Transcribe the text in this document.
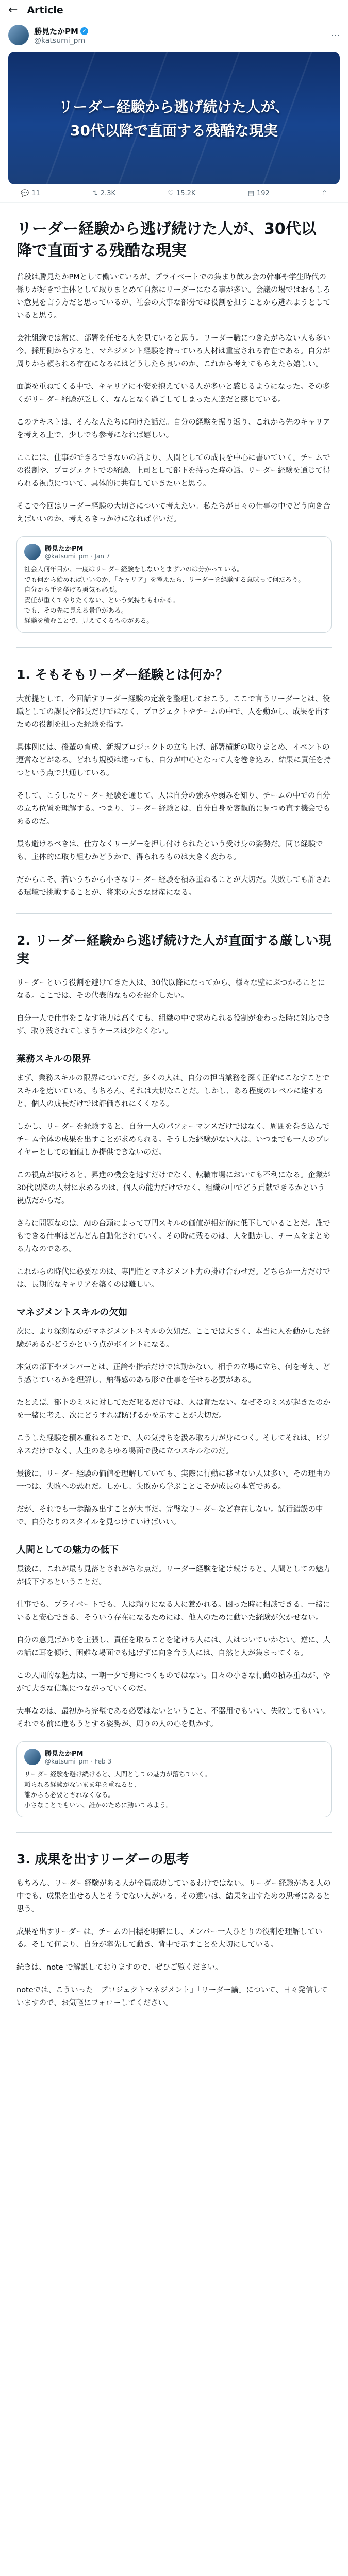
← Article
勝見たかPM ✓
@katsumi_pm	⋯
リーダー経験から逃げ続けた人が、
30代以降で直面する残酷な現実
💬 11	⇅ 2.3K	♡ 15.2K	▤ 192	⇧
リーダー経験から逃げ続けた人が、30代以降で直面する残酷な現実

普段は勝見たかPMとして働いているが、プライベートでの集まり飲み会の幹事や学生時代の係りが好きで主体として取りまとめて自然にリーダーになる事が多い。会議の場ではおもしろい意見を言う方だと思っているが、社会の大事な部分では役割を担うことから逃れようとしていると思う。

会社組織では常に、部署を任せる人を見ていると思う。リーダー職につきたがらない人も多い今、採用側からすると、マネジメント経験を持っている人材は重宝される存在である。自分が周りから頼られる存在になるにはどうしたら良いのか、これから考えてもらえたら嬉しい。

面談を重ねてくる中で、キャリアに不安を抱えている人が多いと感じるようになった。その多くがリーダー経験が乏しく、なんとなく過ごしてしまった人達だと感じている。

このテキストは、そんな人たちに向けた話だ。自分の経験を振り返り、これから先のキャリアを考える上で、少しでも参考になれば嬉しい。

ここには、仕事ができるできないの話より、人間としての成長を中心に書いていく。チームでの役割や、プロジェクトでの経験、上司として部下を持った時の話。リーダー経験を通じて得られる視点について、具体的に共有していきたいと思う。

そこで今回はリーダー経験の大切さについて考えたい。私たちが日々の仕事の中でどう向き合えばいいのか、考えるきっかけになれば幸いだ。

勝見たかPM
@katsumi_pm · Jan 7
社会人何年目か、一度はリーダー経験をしないとまずいのは分かっている。
でも何から始めればいいのか、「キャリア」を考えたら、リーダーを経験する意味って何だろう。
自分から手を挙げる勇気も必要。
責任が重くてやりたくない、という気持ちもわかる。
でも、その先に見える景色がある。
経験を積むことで、見えてくるものがある。
1. そもそもリーダー経験とは何か？

大前提として、今回話すリーダー経験の定義を整理しておこう。ここで言うリーダーとは、役職としての課長や部長だけではなく、プロジェクトやチームの中で、人を動かし、成果を出すための役割を担った経験を指す。

具体例には、後輩の育成、新規プロジェクトの立ち上げ、部署横断の取りまとめ、イベントの運営などがある。どれも規模は違っても、自分が中心となって人を巻き込み、結果に責任を持つという点で共通している。

そして、こうしたリーダー経験を通じて、人は自分の強みや弱みを知り、チームの中での自分の立ち位置を理解する。つまり、リーダー経験とは、自分自身を客観的に見つめ直す機会でもあるのだ。

最も避けるべきは、仕方なくリーダーを押し付けられたという受け身の姿勢だ。同じ経験でも、主体的に取り組むかどうかで、得られるものは大きく変わる。

だからこそ、若いうちから小さなリーダー経験を積み重ねることが大切だ。失敗しても許される環境で挑戦することが、将来の大きな財産になる。

2. リーダー経験から逃げ続けた人が直面する厳しい現実

リーダーという役割を避けてきた人は、30代以降になってから、様々な壁にぶつかることになる。ここでは、その代表的なものを紹介したい。

自分一人で仕事をこなす能力は高くても、組織の中で求められる役割が変わった時に対応できず、取り残されてしまうケースは少なくない。

業務スキルの限界

まず、業務スキルの限界についてだ。多くの人は、自分の担当業務を深く正確にこなすことでスキルを磨いている。もちろん、それは大切なことだ。しかし、ある程度のレベルに達すると、個人の成長だけでは評価されにくくなる。

しかし、リーダーを経験すると、自分一人のパフォーマンスだけではなく、周囲を巻き込んでチーム全体の成果を出すことが求められる。そうした経験がない人は、いつまでも一人のプレイヤーとしての価値しか提供できないのだ。

この視点が抜けると、昇進の機会を逃すだけでなく、転職市場においても不利になる。企業が30代以降の人材に求めるのは、個人の能力だけでなく、組織の中でどう貢献できるかという視点だからだ。

さらに問題なのは、AIの台頭によって専門スキルの価値が相対的に低下していることだ。誰でもできる仕事はどんどん自動化されていく。その時に残るのは、人を動かし、チームをまとめる力なのである。

これからの時代に必要なのは、専門性とマネジメント力の掛け合わせだ。どちらか一方だけでは、長期的なキャリアを築くのは難しい。

マネジメントスキルの欠如

次に、より深刻なのがマネジメントスキルの欠如だ。ここでは大きく、本当に人を動かした経験があるかどうかという点がポイントになる。

本気の部下やメンバーとは、正論や指示だけでは動かない。相手の立場に立ち、何を考え、どう感じているかを理解し、納得感のある形で仕事を任せる必要がある。

たとえば、部下のミスに対してただ叱るだけでは、人は育たない。なぜそのミスが起きたのかを一緒に考え、次にどうすれば防げるかを示すことが大切だ。

こうした経験を積み重ねることで、人の気持ちを汲み取る力が身につく。そしてそれは、ビジネスだけでなく、人生のあらゆる場面で役に立つスキルなのだ。

最後に、リーダー経験の価値を理解していても、実際に行動に移せない人は多い。その理由の一つは、失敗への恐れだ。しかし、失敗から学ぶことこそが成長の本質である。

だが、それでも一歩踏み出すことが大事だ。完璧なリーダーなど存在しない。試行錯誤の中で、自分なりのスタイルを見つけていけばいい。

人間としての魅力の低下

最後に、これが最も見落とされがちな点だ。リーダー経験を避け続けると、人間としての魅力が低下するということだ。

仕事でも、プライベートでも、人は頼りになる人に惹かれる。困った時に相談できる、一緒にいると安心できる、そういう存在になるためには、他人のために動いた経験が欠かせない。

自分の意見ばかりを主張し、責任を取ることを避ける人には、人はついていかない。逆に、人の話に耳を傾け、困難な場面でも逃げずに向き合う人には、自然と人が集まってくる。

この人間的な魅力は、一朝一夕で身につくものではない。日々の小さな行動の積み重ねが、やがて大きな信頼につながっていくのだ。

大事なのは、最初から完璧である必要はないということ。不器用でもいい、失敗してもいい。それでも前に進もうとする姿勢が、周りの人の心を動かす。

勝見たかPM
@katsumi_pm · Feb 3
リーダー経験を避け続けると、人間としての魅力が落ちていく。
頼られる経験がないまま年を重ねると、
誰からも必要とされなくなる。
小さなことでもいい、誰かのために動いてみよう。
3. 成果を出すリーダーの思考

もちろん、リーダー経験がある人が全員成功しているわけではない。リーダー経験がある人の中でも、成果を出せる人とそうでない人がいる。その違いは、結果を出すための思考にあると思う。

成果を出すリーダーは、チームの目標を明確にし、メンバー一人ひとりの役割を理解している。そして何より、自分が率先して動き、背中で示すことを大切にしている。

続きは、note で解説しておりますので、ぜひご覧ください。

noteでは、こういった「プロジェクトマネジメント」「リーダー論」について、日々発信していますので、お気軽にフォローしてください。
